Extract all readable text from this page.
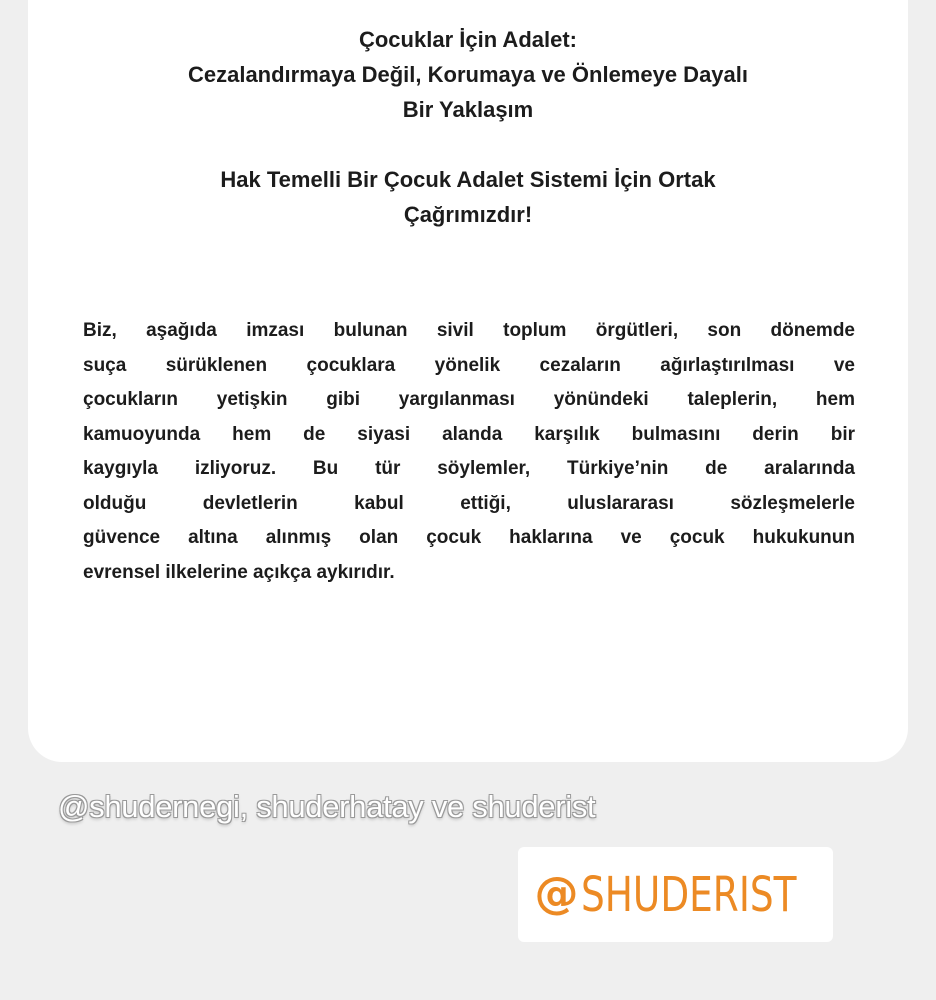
Çocuklar İçin Adalet:
Cezalandırmaya Değil, Korumaya ve Önlemeye Dayalı
Bir Yaklaşım
Hak Temelli Bir Çocuk Adalet Sistemi İçin Ortak
Çağrımızdır!
Biz, aşağıda imzası bulunan sivil toplum örgütleri, son dönemde
suça sürüklenen çocuklara yönelik cezaların ağırlaştırılması ve
çocukların yetişkin gibi yargılanması yönündeki taleplerin, hem
kamuoyunda hem de siyasi alanda karşılık bulmasını derin bir
kaygıyla izliyoruz. Bu tür söylemler, Türkiye’nin de aralarında
olduğu devletlerin kabul ettiği, uluslararası sözleşmelerle
güvence altına alınmış olan çocuk haklarına ve çocuk hukukunun
evrensel ilkelerine açıkça aykırıdır.
@shudernegi, shuderhatay ve shuderist
@ SHUDERIST
